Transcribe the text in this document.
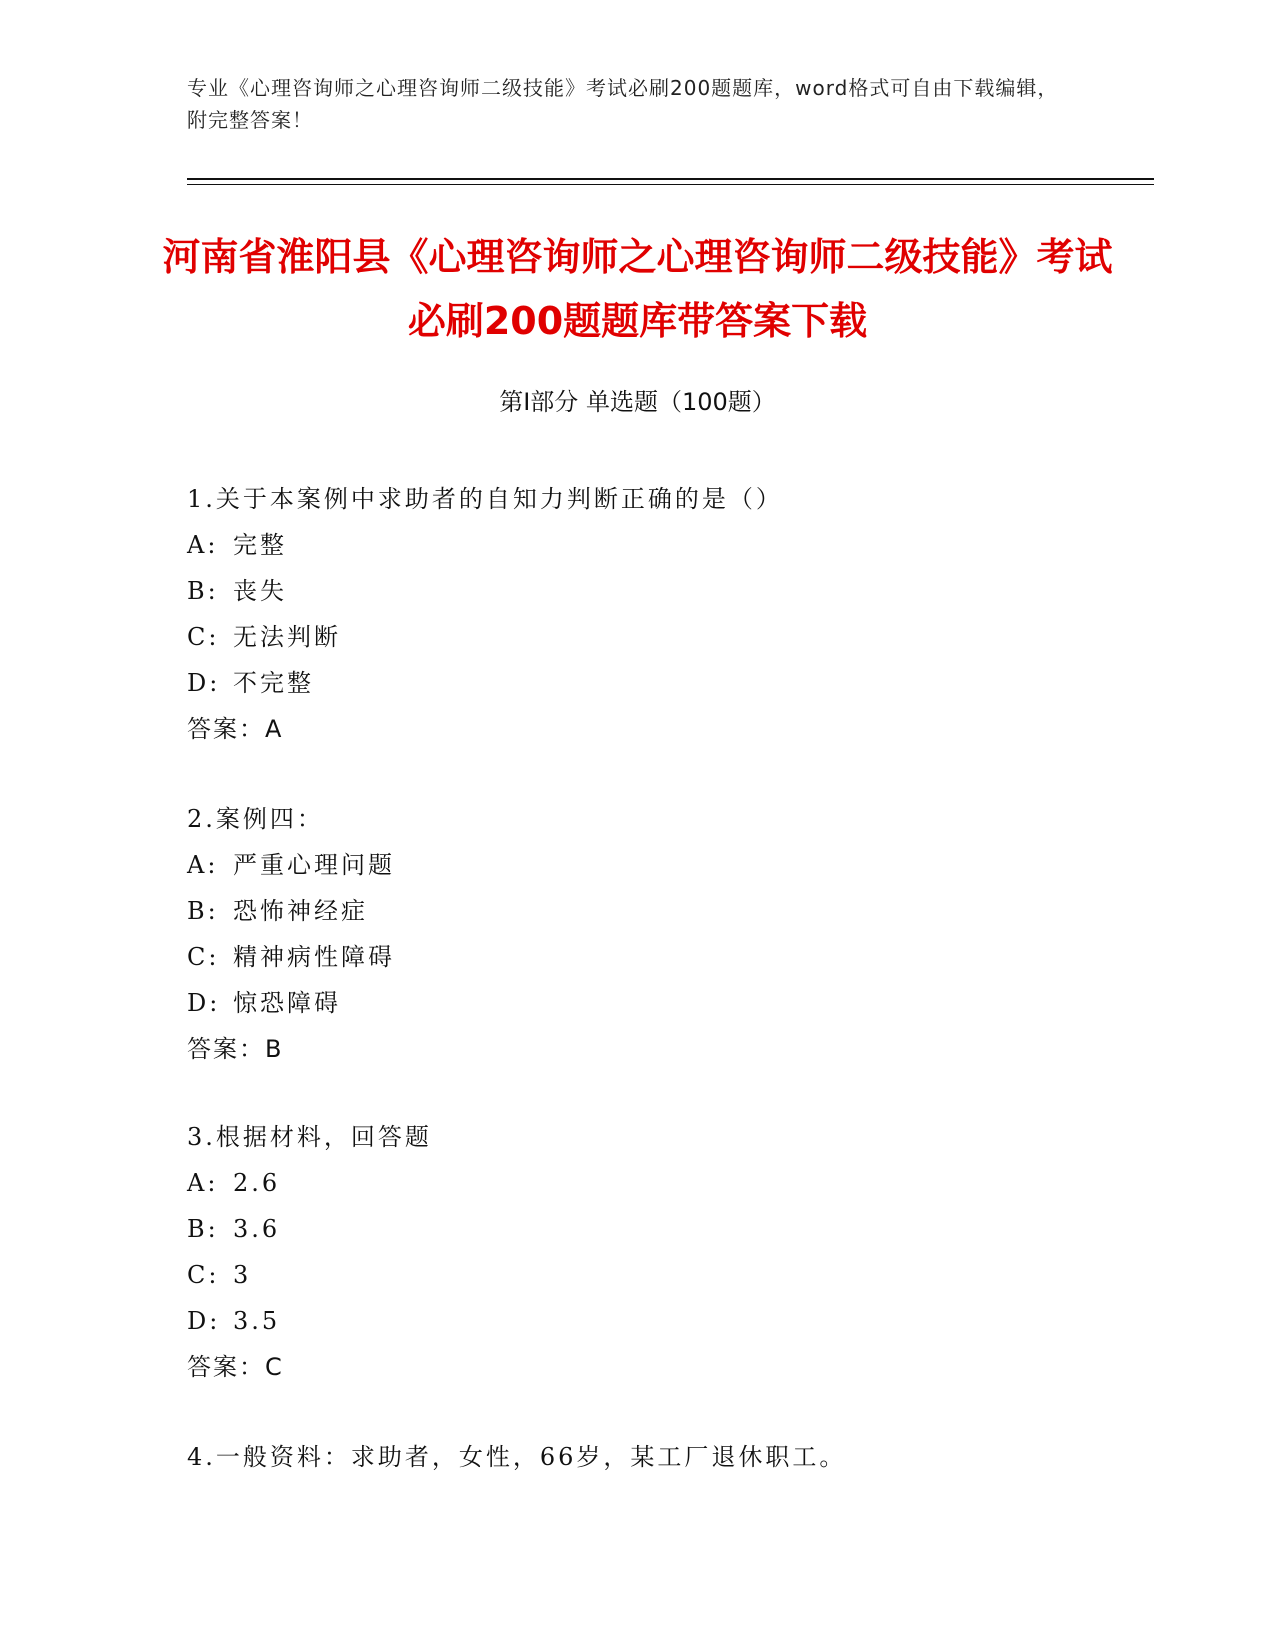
专业《心理咨询师之心理咨询师二级技能》考试必刷200题题库，word格式可自由下载编辑，附完整答案！
河南省淮阳县《心理咨询师之心理咨询师二级技能》考试必刷200题题库带答案下载
第I部分 单选题（100题）
1.关于本案例中求助者的自知力判断正确的是（）
A: 完整
B: 丧失
C: 无法判断
D: 不完整
答案：A
2.案例四：
A: 严重心理问题
B: 恐怖神经症
C: 精神病性障碍
D: 惊恐障碍
答案：B
3.根据材料，回答题
A: 2.6
B: 3.6
C: 3
D: 3.5
答案：C
4.一般资料：求助者，女性，66岁，某工厂退休职工。
